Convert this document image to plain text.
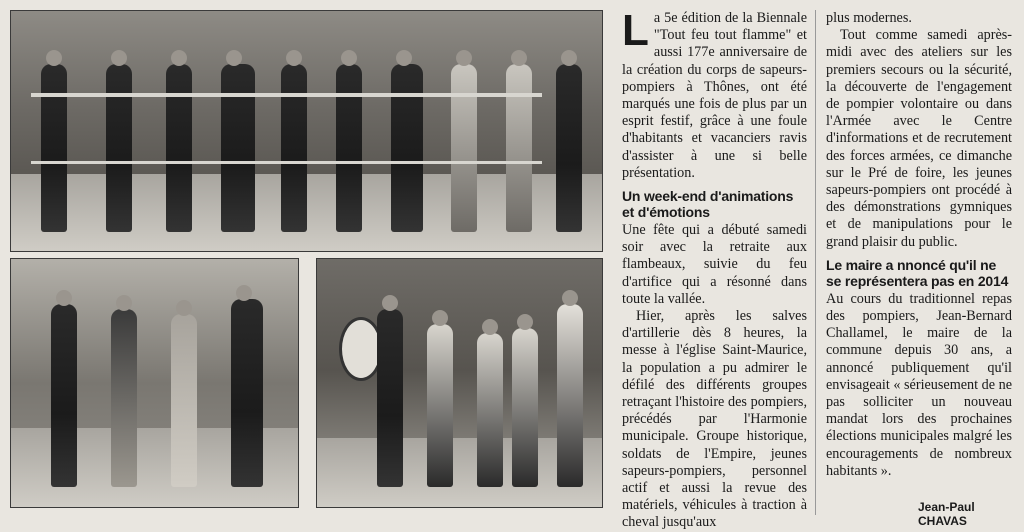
La 5e édition de la Biennale "Tout feu tout flamme" et aussi 177e anniversaire de la création du corps de sapeurs-pompiers à Thônes, ont été marqués une fois de plus par un esprit festif, grâce à une foule d'habitants et vacanciers ravis d'assister à une si belle présentation.

Un week-end d'animations et d'émotions

Une fête qui a débuté samedi soir avec la retraite aux flambeaux, suivie du feu d'artifice qui a résonné dans toute la vallée.

Hier, après les salves d'artillerie dès 8 heures, la messe à l'église Saint-Maurice, la population a pu admirer le défilé des différents groupes retraçant l'histoire des pompiers, précédés par l'Harmonie municipale. Groupe historique, soldats de l'Empire, jeunes sapeurs-pompiers, personnel actif et aussi la revue des matériels, véhicules à traction à cheval jusqu'aux

plus modernes.

Tout comme samedi après-midi avec des ateliers sur les premiers secours ou la sécurité, la découverte de l'engagement de pompier volontaire ou dans l'Armée avec le Centre d'informations et de recrutement des forces armées, ce dimanche sur le Pré de foire, les jeunes sapeurs-pompiers ont procédé à des démonstrations gymniques et de manipulations pour le grand plaisir du public.

Le maire a nnoncé qu'il ne se représentera pas en 2014

Au cours du traditionnel repas des pompiers, Jean-Bernard Challamel, le maire de la commune depuis 30 ans, a annoncé publiquement qu'il envisageait « sérieusement de ne pas solliciter un nouveau mandat lors des prochaines élections municipales malgré les encouragements de nombreux habitants ».

Jean-Paul CHAVAS
